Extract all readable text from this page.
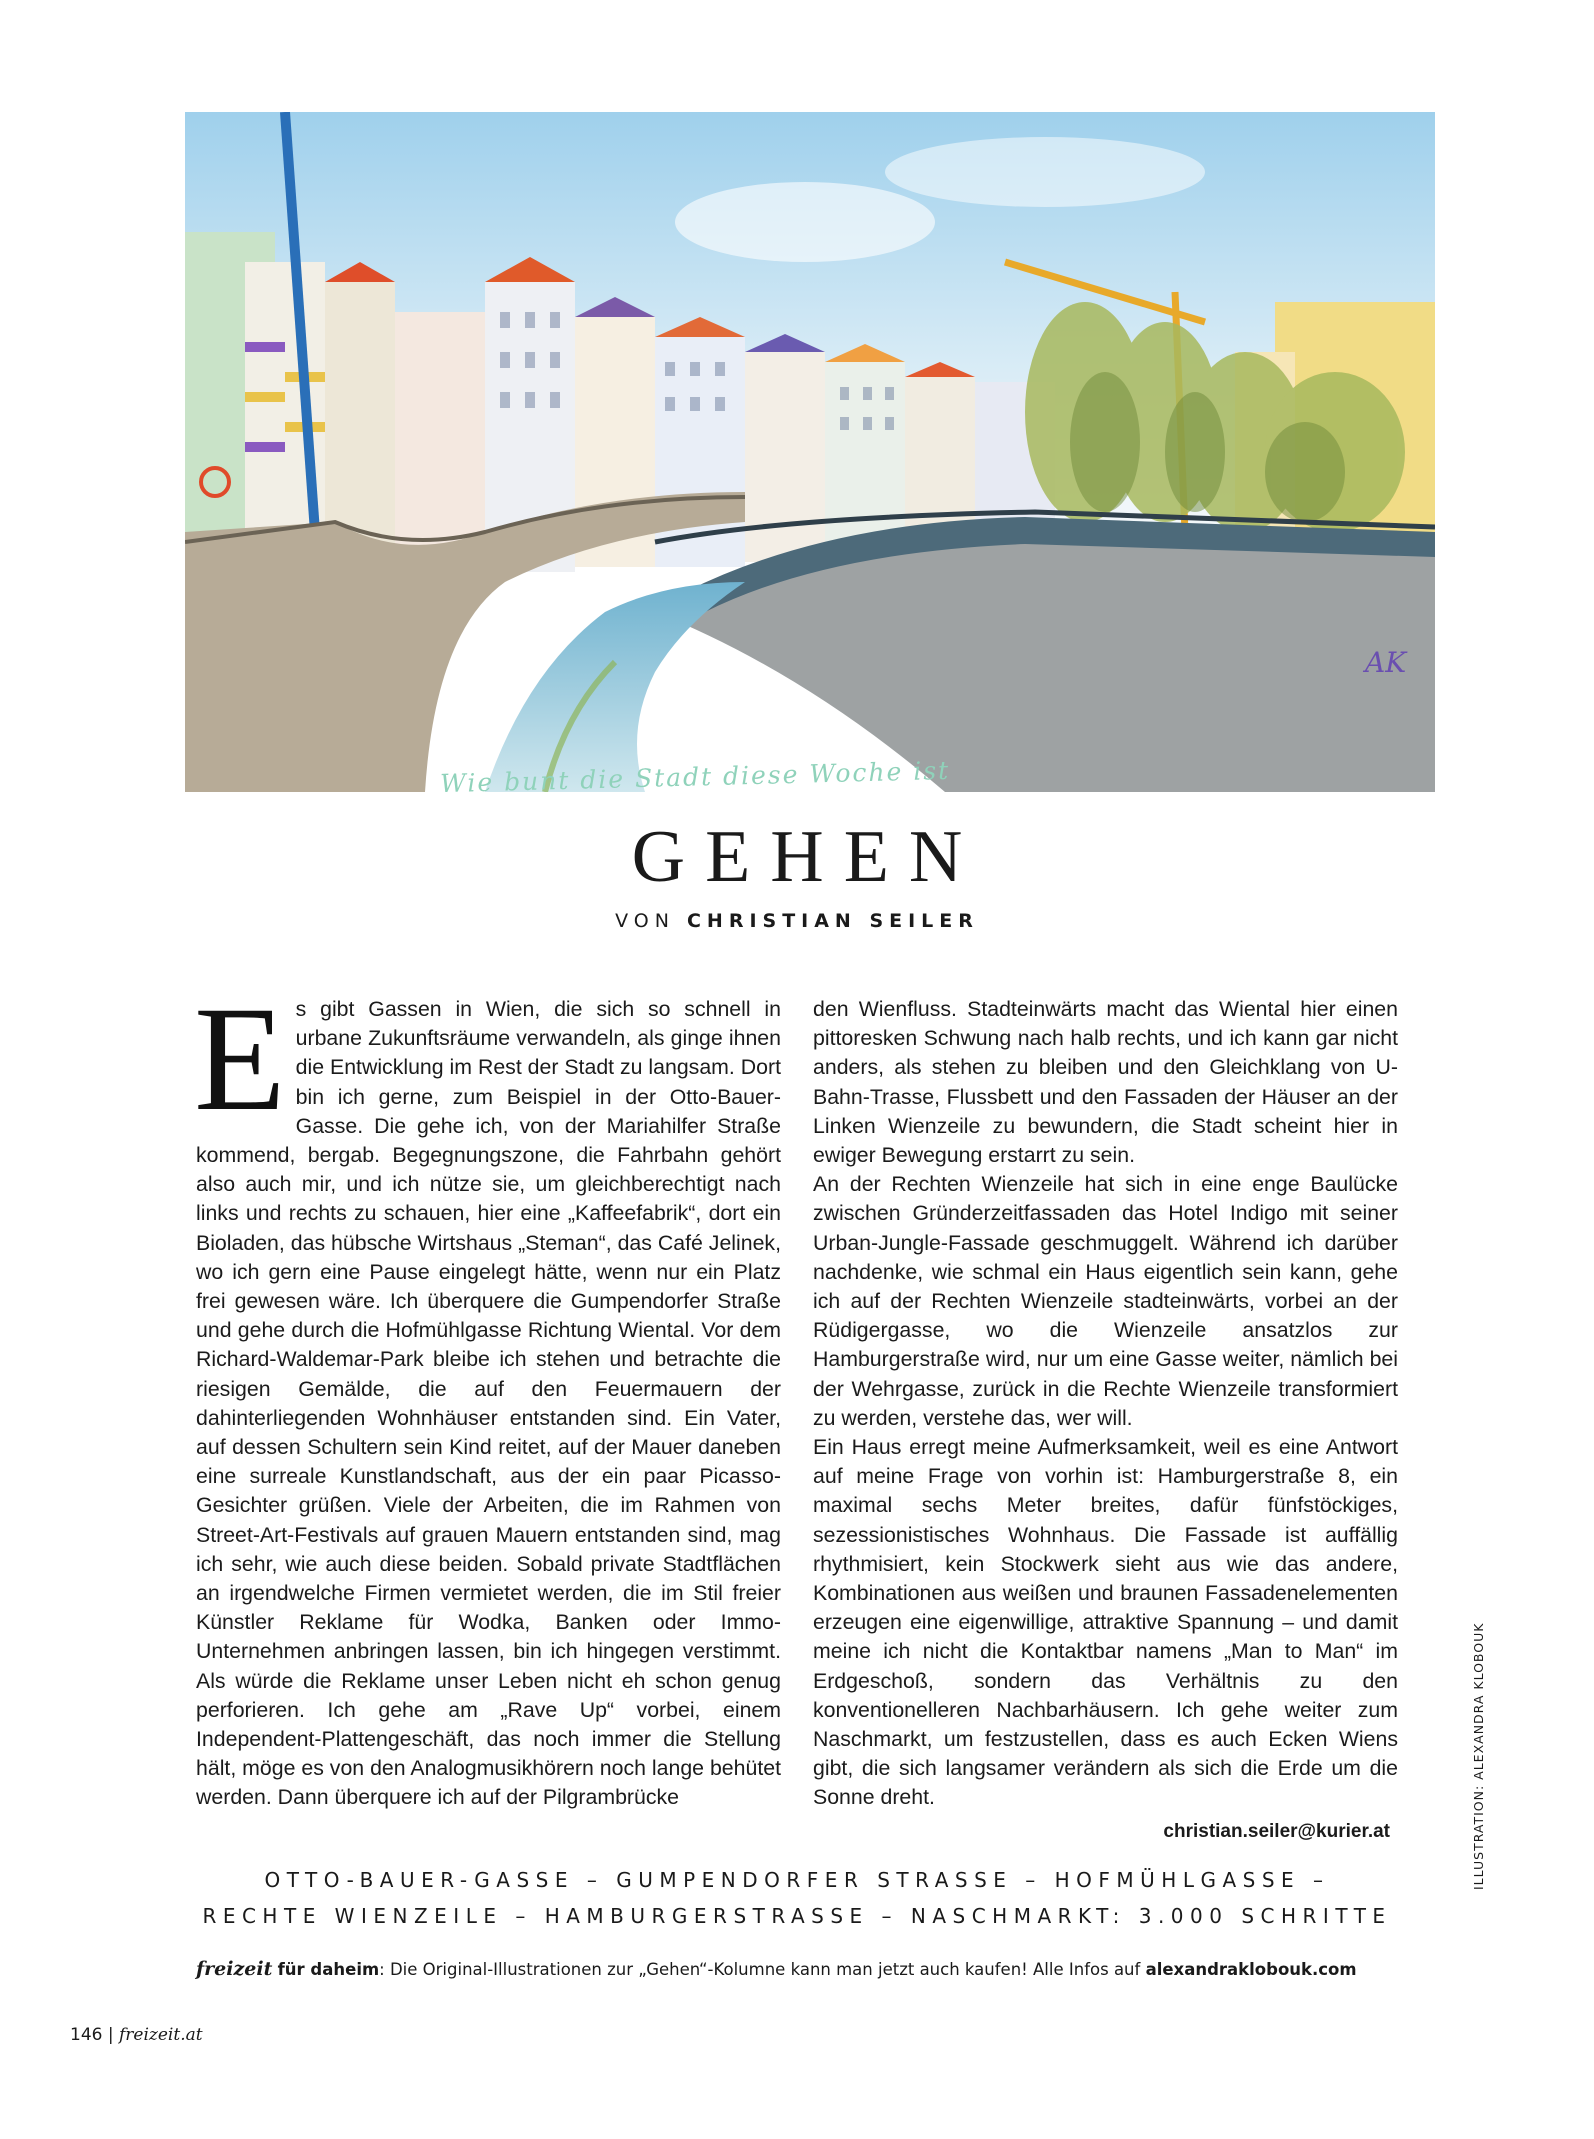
AK
Wie bunt die Stadt diese Woche ist
GEHEN
VON CHRISTIAN SEILER

Es gibt Gassen in Wien, die sich so schnell in urbane Zukunftsräume verwandeln, als ginge ihnen die Entwicklung im Rest der Stadt zu langsam. Dort bin ich gerne, zum Beispiel in der Otto-Bauer-Gasse. Die gehe ich, von der Mariahilfer Straße kommend, bergab. Begegnungszone, die Fahrbahn gehört also auch mir, und ich nütze sie, um gleichberechtigt nach links und rechts zu schauen, hier eine „Kaffeefabrik“, dort ein Bioladen, das hübsche Wirtshaus „Steman“, das Café Jelinek, wo ich gern eine Pause eingelegt hätte, wenn nur ein Platz frei gewesen wäre. Ich überquere die Gumpendorfer Straße und gehe durch die Hofmühlgasse Richtung Wiental. Vor dem Richard-Waldemar-Park bleibe ich stehen und betrachte die riesigen Gemälde, die auf den Feuermauern der dahinterliegenden Wohnhäuser entstanden sind. Ein Vater, auf dessen Schultern sein Kind reitet, auf der Mauer daneben eine surreale Kunstlandschaft, aus der ein paar Picasso-Gesichter grüßen. Viele der Arbeiten, die im Rahmen von Street-Art-Festivals auf grauen Mauern entstanden sind, mag ich sehr, wie auch diese beiden. Sobald private Stadtflächen an irgendwelche Firmen vermietet werden, die im Stil freier Künstler Reklame für Wodka, Banken oder Immo-Unternehmen anbringen lassen, bin ich hingegen verstimmt. Als würde die Reklame unser Leben nicht eh schon genug perforieren. Ich gehe am „Rave Up“ vorbei, einem Independent-Plattengeschäft, das noch immer die Stellung hält, möge es von den Analogmusikhörern noch lange behütet werden. Dann überquere ich auf der Pilgrambrücke

den Wienfluss. Stadteinwärts macht das Wiental hier einen pittoresken Schwung nach halb rechts, und ich kann gar nicht anders, als stehen zu bleiben und den Gleichklang von U-Bahn-Trasse, Flussbett und den Fassaden der Häuser an der Linken Wienzeile zu bewundern, die Stadt scheint hier in ewiger Bewegung erstarrt zu sein.

An der Rechten Wienzeile hat sich in eine enge Baulücke zwischen Gründerzeitfassaden das Hotel Indigo mit seiner Urban-Jungle-Fassade geschmuggelt. Während ich darüber nachdenke, wie schmal ein Haus eigentlich sein kann, gehe ich auf der Rechten Wienzeile stadteinwärts, vorbei an der Rüdigergasse, wo die Wienzeile ansatzlos zur Hamburgerstraße wird, nur um eine Gasse weiter, nämlich bei der Wehrgasse, zurück in die Rechte Wienzeile transformiert zu werden, verstehe das, wer will.

Ein Haus erregt meine Aufmerksamkeit, weil es eine Antwort auf meine Frage von vorhin ist: Hamburgerstraße 8, ein maximal sechs Meter breites, dafür fünfstöckiges, sezessionistisches Wohnhaus. Die Fassade ist auffällig rhythmisiert, kein Stockwerk sieht aus wie das andere, Kombinationen aus weißen und braunen Fassadenelementen erzeugen eine eigenwillige, attraktive Spannung – und damit meine ich nicht die Kontaktbar namens „Man to Man“ im Erdgeschoß, sondern das Verhältnis zu den konventionelleren Nachbarhäusern. Ich gehe weiter zum Naschmarkt, um festzustellen, dass es auch Ecken Wiens gibt, die sich langsamer verändern als sich die Erde um die Sonne dreht.

christian.seiler@kurier.at
OTTO-BAUER-GASSE – GUMPENDORFER STRASSE – HOFMÜHLGASSE –
RECHTE WIENZEILE – HAMBURGERSTRASSE – NASCHMARKT: 3.000 SCHRITTE
freizeit für daheim: Die Original-Illustrationen zur „Gehen“-Kolumne kann man jetzt auch kaufen! Alle Infos auf alexandraklobouk.com
ILLUSTRATION: ALEXANDRA KLOBOUK
146 | freizeit.at
